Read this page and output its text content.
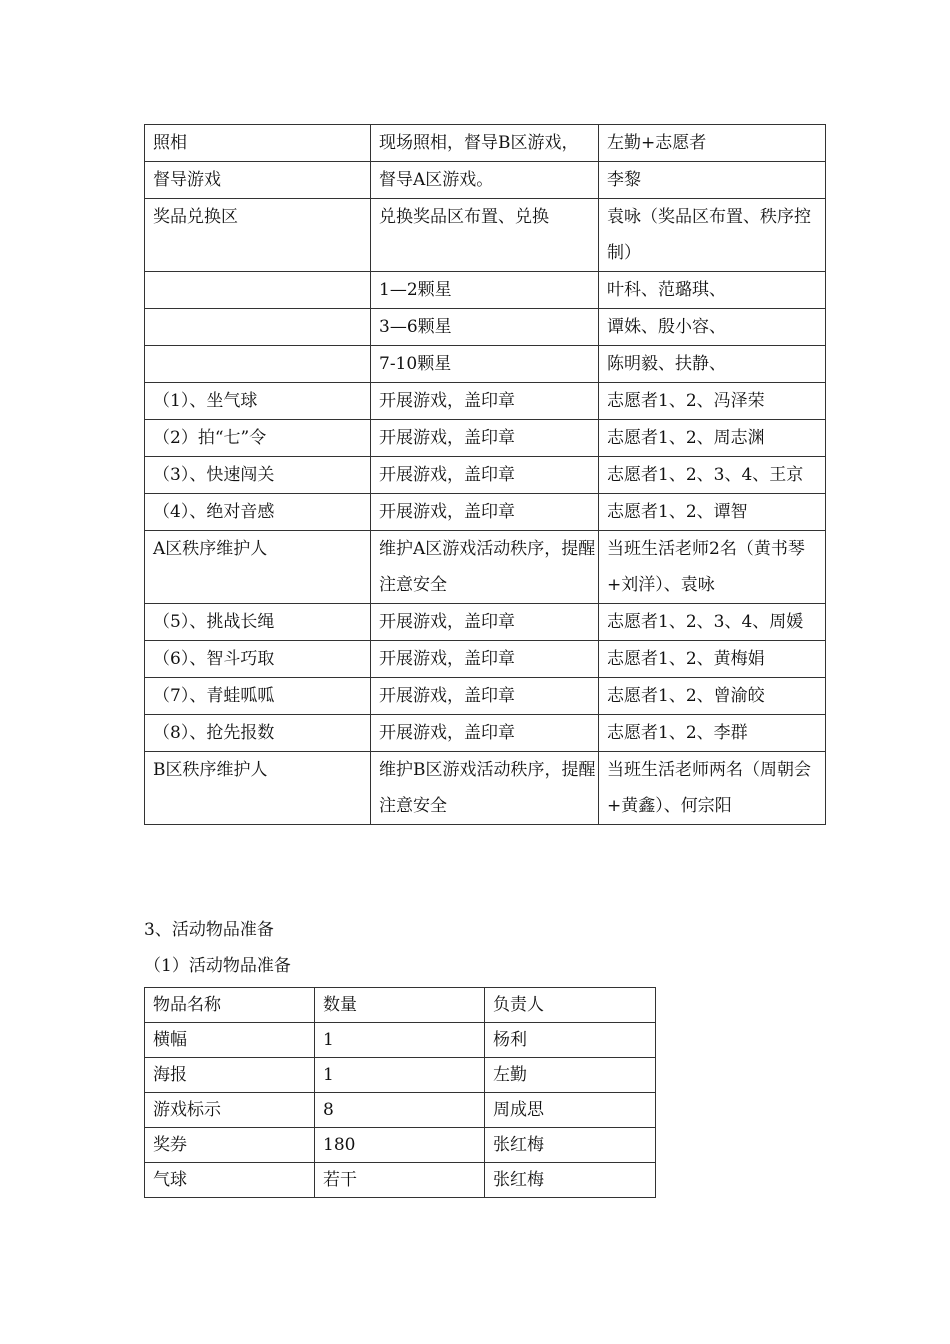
照相	现场照相，督导B区游戏，	左勤+志愿者
督导游戏	督导A区游戏。	李黎
奖品兑换区	兑换奖品区布置、兑换	袁咏（奖品区布置、秩序控制）
	1—2颗星	叶科、范璐琪、
	3—6颗星	谭姝、殷小容、
	7-10颗星	陈明毅、扶静、
（1）、坐气球	开展游戏，盖印章	志愿者1、2、冯泽荣
（2）拍“七”令	开展游戏，盖印章	志愿者1、2、周志渊
（3）、快速闯关	开展游戏，盖印章	志愿者1、2、3、4、王京
（4）、绝对音感	开展游戏，盖印章	志愿者1、2、谭智
A区秩序维护人	维护A区游戏活动秩序，提醒注意安全	当班生活老师2名（黄书琴+刘洋）、袁咏
（5）、挑战长绳	开展游戏，盖印章	志愿者1、2、3、4、周媛
（6）、智斗巧取	开展游戏，盖印章	志愿者1、2、黄梅娟
（7）、青蛙呱呱	开展游戏，盖印章	志愿者1、2、曾渝皎
（8）、抢先报数	开展游戏，盖印章	志愿者1、2、李群
B区秩序维护人	维护B区游戏活动秩序，提醒注意安全	当班生活老师两名（周朝会+黄鑫）、何宗阳
3、活动物品准备
（1）活动物品准备
物品名称	数量	负责人
横幅	1	杨利
海报	1	左勤
游戏标示	8	周成思
奖券	180	张红梅
气球	若干	张红梅
